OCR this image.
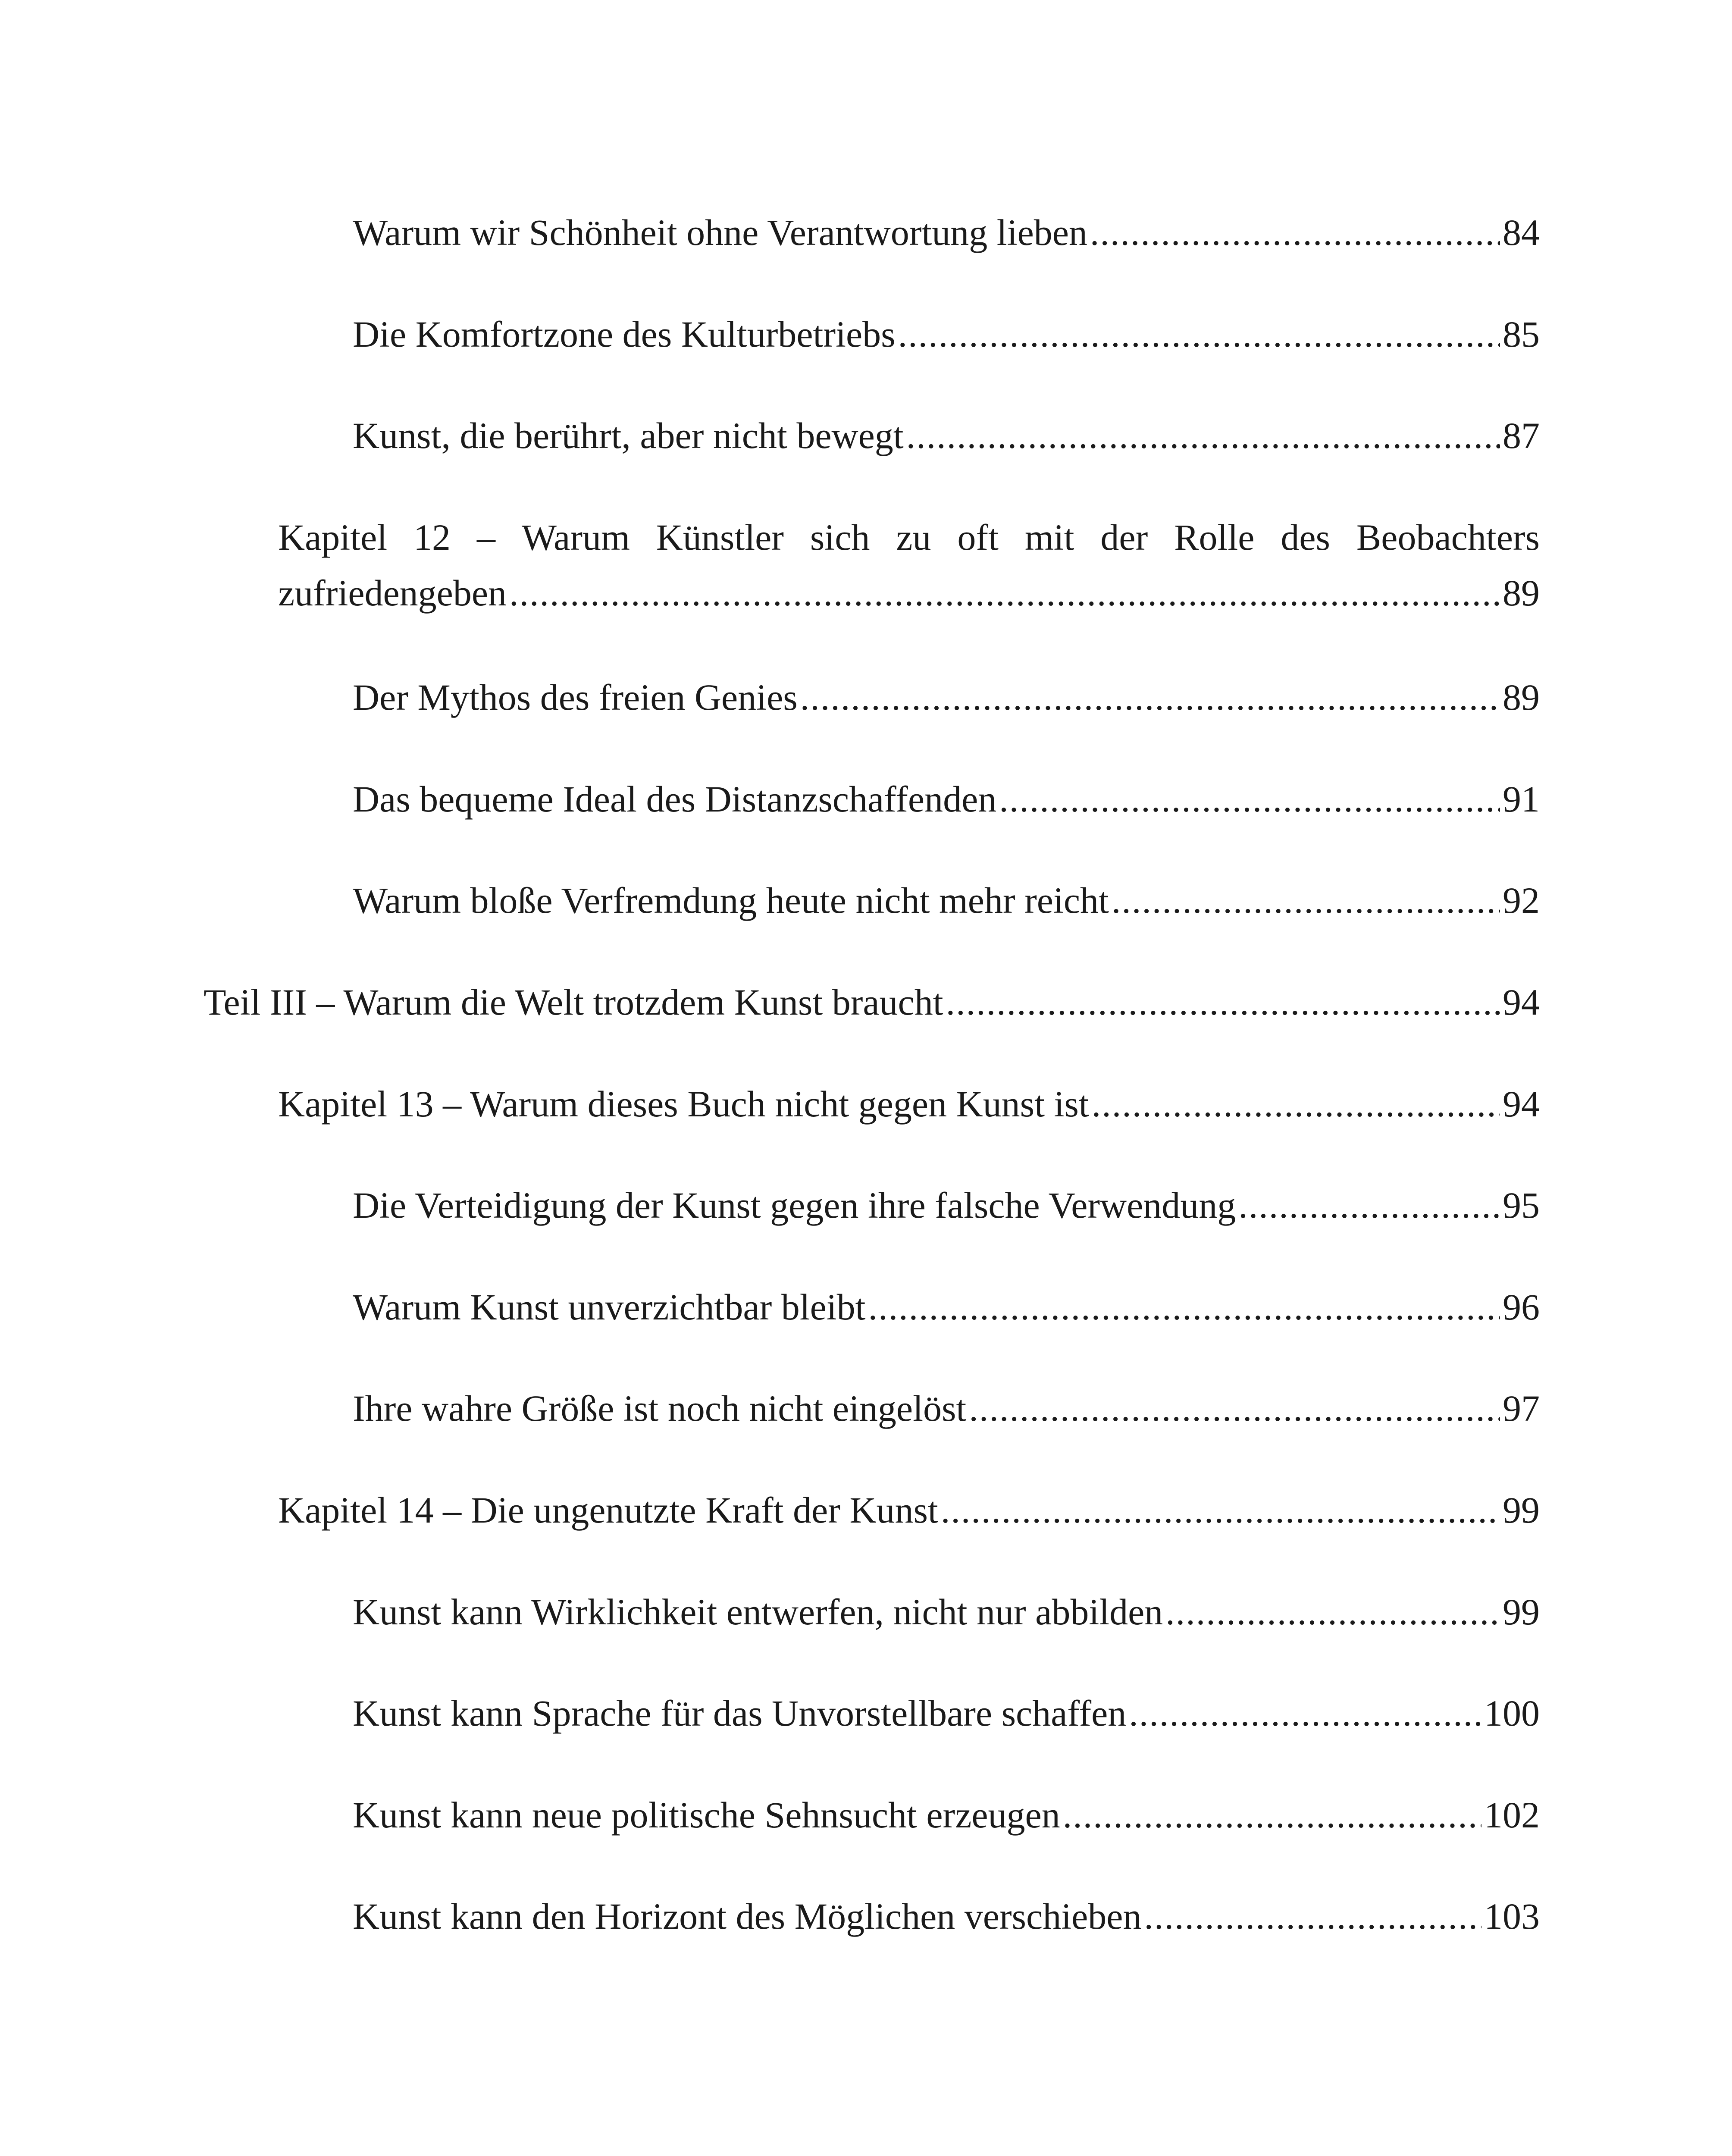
Warum wir Schönheit ohne Verantwortung lieben .....	84
Die Komfortzone des Kulturbetriebs .....	85
Kunst, die berührt, aber nicht bewegt .....	87
Kapitel 12 – Warum Künstler sich zu oft mit der Rolle des Beobachters
zufriedengeben .....	89
Der Mythos des freien Genies .....	89
Das bequeme Ideal des Distanzschaffenden .....	91
Warum bloße Verfremdung heute nicht mehr reicht .....	92
Teil III – Warum die Welt trotzdem Kunst braucht .....	94
Kapitel 13 – Warum dieses Buch nicht gegen Kunst ist .....	94
Die Verteidigung der Kunst gegen ihre falsche Verwendung .....	95
Warum Kunst unverzichtbar bleibt .....	96
Ihre wahre Größe ist noch nicht eingelöst .....	97
Kapitel 14 – Die ungenutzte Kraft der Kunst .....	99
Kunst kann Wirklichkeit entwerfen, nicht nur abbilden .....	99
Kunst kann Sprache für das Unvorstellbare schaffen .....	100
Kunst kann neue politische Sehnsucht erzeugen .....	102
Kunst kann den Horizont des Möglichen verschieben .....	103
